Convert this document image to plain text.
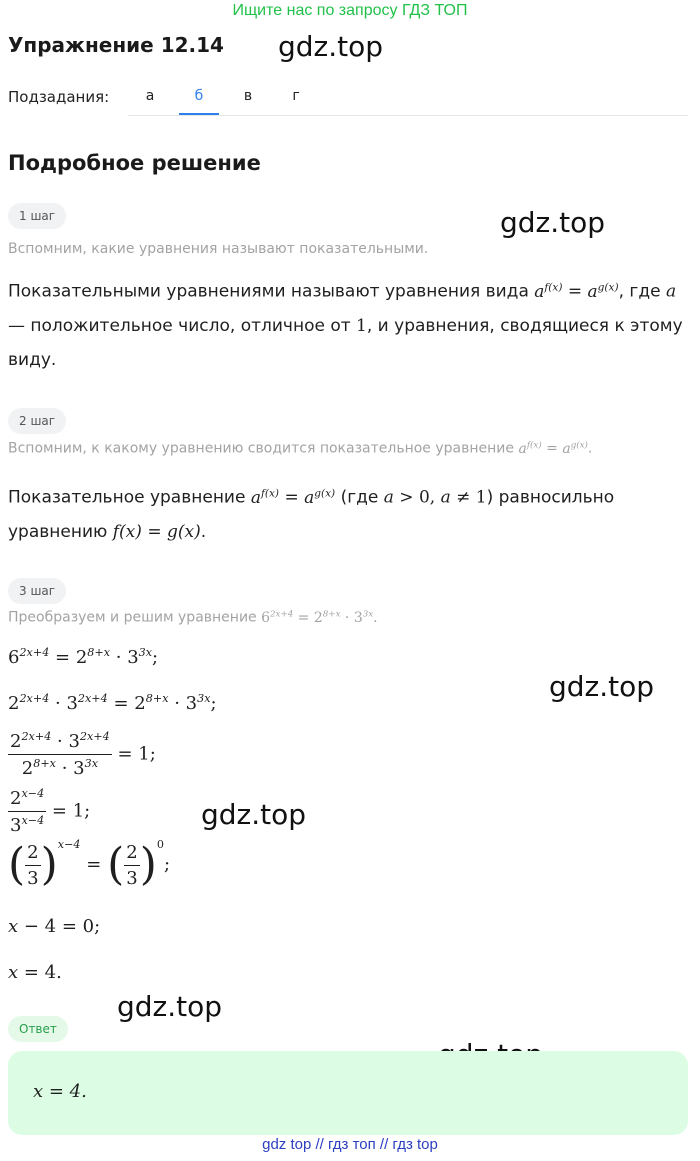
Ищите нас по запросу ГДЗ ТОП
Упражнение 12.14 gdz.top
gdz.top
gdz.top
gdz.top
gdz.top
Подзадания:	а	б	в	г
Подробное решение
1 шаг
Вспомним, какие уравнения называют показательными.
Показательными уравнениями называют уравнения вида $a^{f(x)} = a^{g(x)}$, где a
— положительное число, отличное от 1, и уравнения, сводящиеся к этому
виду.
2 шаг
Вспомним, к какому уравнению сводится показательное уравнение $a^{f(x)} = a^{g(x)}$.
Показательное уравнение $a^{f(x)} = a^{g(x)}$ (где a > 0, a ≠ 1) равносильно
уравнению f(x) = g(x).
3 шаг
Преобразуем и решим уравнение $6^{2x+4} = 2^{8+x} \cdot 3^{3x}$.
$6^{2x+4} = 2^{8+x} \cdot 3^{3x}$;
$2^{2x+4} \cdot 3^{2x+4} = 2^{8+x} \cdot 3^{3x}$;
$\frac{2^{2x+4} \cdot 3^{2x+4}}{2^{8+x} \cdot 3^{3x}} = 1$;
$\frac{2^{x-4}}{3^{x-4}} = 1$;
( $\frac{2}{3} )^{x-4}$ = ( $\frac{2}{3} )^0$;
x − 4 = 0;
x = 4.
Ответ
x = 4.
gdz top // гдз топ // гдз top
